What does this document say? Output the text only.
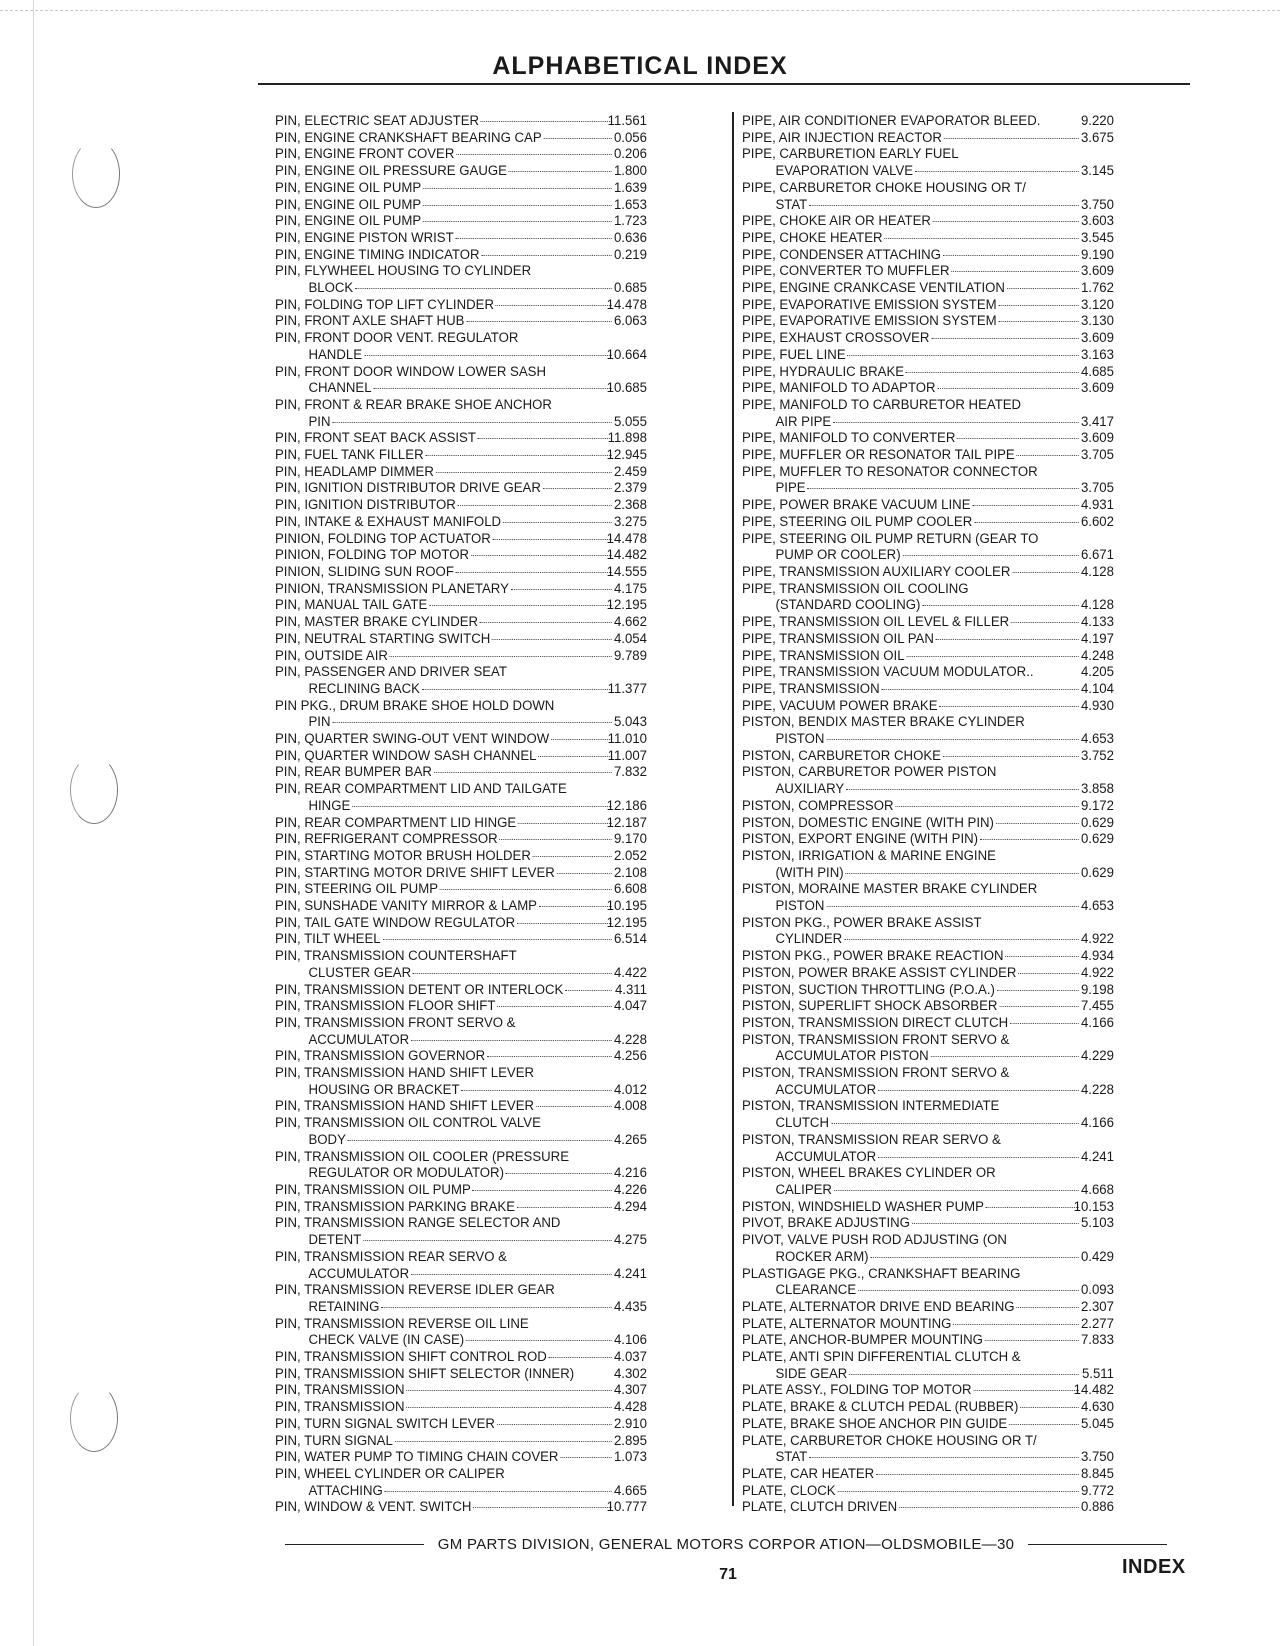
ALPHABETICAL INDEX
PIN, ELECTRIC SEAT ADJUSTER	11.561
PIN, ENGINE CRANKSHAFT BEARING CAP	0.056
PIN, ENGINE FRONT COVER	0.206
PIN, ENGINE OIL PRESSURE GAUGE	1.800
PIN, ENGINE OIL PUMP	1.639
PIN, ENGINE OIL PUMP	1.653
PIN, ENGINE OIL PUMP	1.723
PIN, ENGINE PISTON WRIST	0.636
PIN, ENGINE TIMING INDICATOR	0.219
PIN, FLYWHEEL HOUSING TO CYLINDER
BLOCK	0.685
PIN, FOLDING TOP LIFT CYLINDER	14.478
PIN, FRONT AXLE SHAFT HUB	6.063
PIN, FRONT DOOR VENT. REGULATOR
HANDLE	10.664
PIN, FRONT DOOR WINDOW LOWER SASH
CHANNEL	10.685
PIN, FRONT & REAR BRAKE SHOE ANCHOR
PIN	5.055
PIN, FRONT SEAT BACK ASSIST	11.898
PIN, FUEL TANK FILLER	12.945
PIN, HEADLAMP DIMMER	2.459
PIN, IGNITION DISTRIBUTOR DRIVE GEAR	2.379
PIN, IGNITION DISTRIBUTOR	2.368
PIN, INTAKE & EXHAUST MANIFOLD	3.275
PINION, FOLDING TOP ACTUATOR	14.478
PINION, FOLDING TOP MOTOR	14.482
PINION, SLIDING SUN ROOF	14.555
PINION, TRANSMISSION PLANETARY	4.175
PIN, MANUAL TAIL GATE	12.195
PIN, MASTER BRAKE CYLINDER	4.662
PIN, NEUTRAL STARTING SWITCH	4.054
PIN, OUTSIDE AIR	9.789
PIN, PASSENGER AND DRIVER SEAT
RECLINING BACK	11.377
PIN PKG., DRUM BRAKE SHOE HOLD DOWN
PIN	5.043
PIN, QUARTER SWING-OUT VENT WINDOW	11.010
PIN, QUARTER WINDOW SASH CHANNEL	11.007
PIN, REAR BUMPER BAR	7.832
PIN, REAR COMPARTMENT LID AND TAILGATE
HINGE	12.186
PIN, REAR COMPARTMENT LID HINGE	12.187
PIN, REFRIGERANT COMPRESSOR	9.170
PIN, STARTING MOTOR BRUSH HOLDER	2.052
PIN, STARTING MOTOR DRIVE SHIFT LEVER	2.108
PIN, STEERING OIL PUMP	6.608
PIN, SUNSHADE VANITY MIRROR & LAMP	10.195
PIN, TAIL GATE WINDOW REGULATOR	12.195
PIN, TILT WHEEL	6.514
PIN, TRANSMISSION COUNTERSHAFT
CLUSTER GEAR	4.422
PIN, TRANSMISSION DETENT OR INTERLOCK	4.311
PIN, TRANSMISSION FLOOR SHIFT	4.047
PIN, TRANSMISSION FRONT SERVO &
ACCUMULATOR	4.228
PIN, TRANSMISSION GOVERNOR	4.256
PIN, TRANSMISSION HAND SHIFT LEVER
HOUSING OR BRACKET	4.012
PIN, TRANSMISSION HAND SHIFT LEVER	4.008
PIN, TRANSMISSION OIL CONTROL VALVE
BODY	4.265
PIN, TRANSMISSION OIL COOLER (PRESSURE
REGULATOR OR MODULATOR)	4.216
PIN, TRANSMISSION OIL PUMP	4.226
PIN, TRANSMISSION PARKING BRAKE	4.294
PIN, TRANSMISSION RANGE SELECTOR AND
DETENT	4.275
PIN, TRANSMISSION REAR SERVO &
ACCUMULATOR	4.241
PIN, TRANSMISSION REVERSE IDLER GEAR
RETAINING	4.435
PIN, TRANSMISSION REVERSE OIL LINE
CHECK VALVE (IN CASE)	4.106
PIN, TRANSMISSION SHIFT CONTROL ROD	4.037
PIN, TRANSMISSION SHIFT SELECTOR (INNER)	4.302
PIN, TRANSMISSION	4.307
PIN, TRANSMISSION	4.428
PIN, TURN SIGNAL SWITCH LEVER	2.910
PIN, TURN SIGNAL	2.895
PIN, WATER PUMP TO TIMING CHAIN COVER	1.073
PIN, WHEEL CYLINDER OR CALIPER
ATTACHING	4.665
PIN, WINDOW & VENT. SWITCH	10.777
PIPE, AIR CONDITIONER EVAPORATOR BLEED.	9.220
PIPE, AIR INJECTION REACTOR	3.675
PIPE, CARBURETION EARLY FUEL
EVAPORATION VALVE	3.145
PIPE, CARBURETOR CHOKE HOUSING OR T/
STAT	3.750
PIPE, CHOKE AIR OR HEATER	3.603
PIPE, CHOKE HEATER	3.545
PIPE, CONDENSER ATTACHING	9.190
PIPE, CONVERTER TO MUFFLER	3.609
PIPE, ENGINE CRANKCASE VENTILATION	1.762
PIPE, EVAPORATIVE EMISSION SYSTEM	3.120
PIPE, EVAPORATIVE EMISSION SYSTEM	3.130
PIPE, EXHAUST CROSSOVER	3.609
PIPE, FUEL LINE	3.163
PIPE, HYDRAULIC BRAKE	4.685
PIPE, MANIFOLD TO ADAPTOR	3.609
PIPE, MANIFOLD TO CARBURETOR HEATED
AIR PIPE	3.417
PIPE, MANIFOLD TO CONVERTER	3.609
PIPE, MUFFLER OR RESONATOR TAIL PIPE	3.705
PIPE, MUFFLER TO RESONATOR CONNECTOR
PIPE	3.705
PIPE, POWER BRAKE VACUUM LINE	4.931
PIPE, STEERING OIL PUMP COOLER	6.602
PIPE, STEERING OIL PUMP RETURN (GEAR TO
PUMP OR COOLER)	6.671
PIPE, TRANSMISSION AUXILIARY COOLER	4.128
PIPE, TRANSMISSION OIL COOLING
(STANDARD COOLING)	4.128
PIPE, TRANSMISSION OIL LEVEL & FILLER	4.133
PIPE, TRANSMISSION OIL PAN	4.197
PIPE, TRANSMISSION OIL	4.248
PIPE, TRANSMISSION VACUUM MODULATOR..	4.205
PIPE, TRANSMISSION	4.104
PIPE, VACUUM POWER BRAKE	4.930
PISTON, BENDIX MASTER BRAKE CYLINDER
PISTON	4.653
PISTON, CARBURETOR CHOKE	3.752
PISTON, CARBURETOR POWER PISTON
AUXILIARY	3.858
PISTON, COMPRESSOR	9.172
PISTON, DOMESTIC ENGINE (WITH PIN)	0.629
PISTON, EXPORT ENGINE (WITH PIN)	0.629
PISTON, IRRIGATION & MARINE ENGINE
(WITH PIN)	0.629
PISTON, MORAINE MASTER BRAKE CYLINDER
PISTON	4.653
PISTON PKG., POWER BRAKE ASSIST
CYLINDER	4.922
PISTON PKG., POWER BRAKE REACTION	4.934
PISTON, POWER BRAKE ASSIST CYLINDER	4.922
PISTON, SUCTION THROTTLING (P.O.A.)	9.198
PISTON, SUPERLIFT SHOCK ABSORBER	7.455
PISTON, TRANSMISSION DIRECT CLUTCH	4.166
PISTON, TRANSMISSION FRONT SERVO &
ACCUMULATOR PISTON	4.229
PISTON, TRANSMISSION FRONT SERVO &
ACCUMULATOR	4.228
PISTON, TRANSMISSION INTERMEDIATE
CLUTCH	4.166
PISTON, TRANSMISSION REAR SERVO &
ACCUMULATOR	4.241
PISTON, WHEEL BRAKES CYLINDER OR
CALIPER	4.668
PISTON, WINDSHIELD WASHER PUMP	10.153
PIVOT, BRAKE ADJUSTING	5.103
PIVOT, VALVE PUSH ROD ADJUSTING (ON
ROCKER ARM)	0.429
PLASTIGAGE PKG., CRANKSHAFT BEARING
CLEARANCE	0.093
PLATE, ALTERNATOR DRIVE END BEARING	2.307
PLATE, ALTERNATOR MOUNTING	2.277
PLATE, ANCHOR-BUMPER MOUNTING	7.833
PLATE, ANTI SPIN DIFFERENTIAL CLUTCH &
SIDE GEAR	5.511
PLATE ASSY., FOLDING TOP MOTOR	14.482
PLATE, BRAKE & CLUTCH PEDAL (RUBBER)	4.630
PLATE, BRAKE SHOE ANCHOR PIN GUIDE	5.045
PLATE, CARBURETOR CHOKE HOUSING OR T/
STAT	3.750
PLATE, CAR HEATER	8.845
PLATE, CLOCK	9.772
PLATE, CLUTCH DRIVEN	0.886
GM PARTS DIVISION, GENERAL MOTORS CORPOR ATION—OLDSMOBILE—30
71	INDEX
